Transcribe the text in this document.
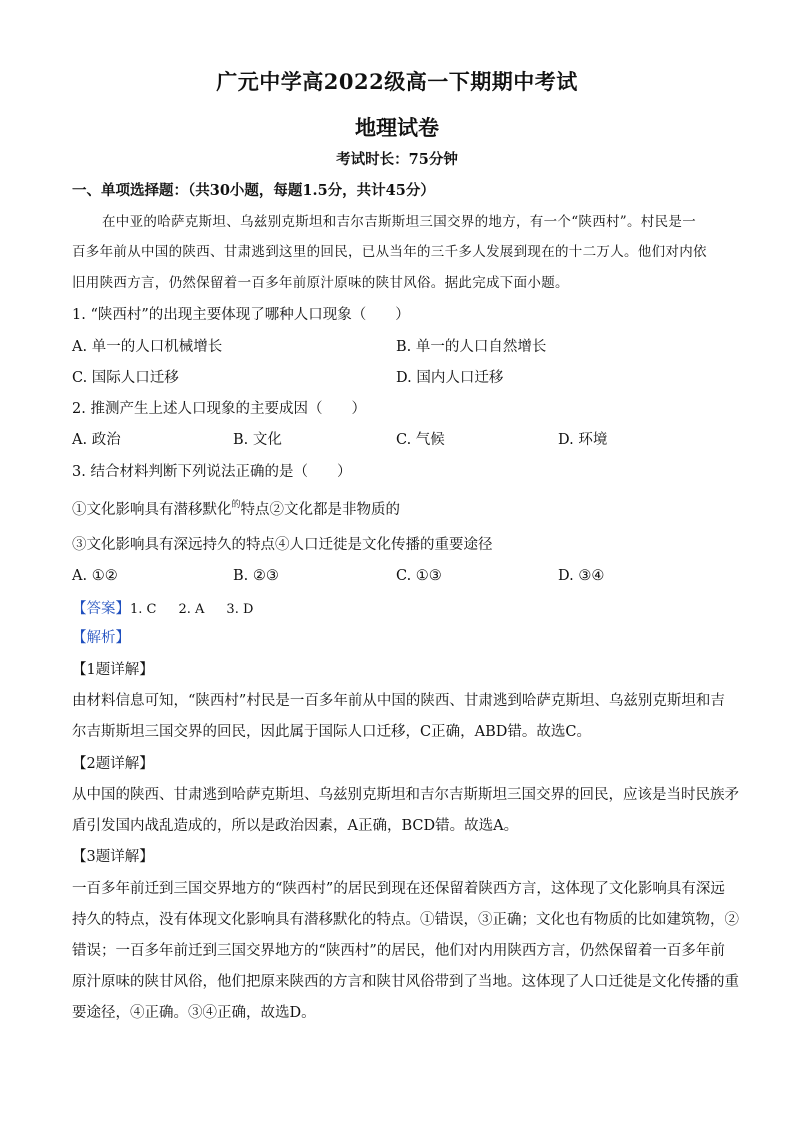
广元中学高2022级高一下期期中考试
地理试卷
考试时长：75分钟
一、单项选择题：（共30小题，每题1.5分，共计45分）
在中亚的哈萨克斯坦、乌兹别克斯坦和吉尔吉斯斯坦三国交界的地方，有一个“陕西村”。村民是一
百多年前从中国的陕西、甘肃逃到这里的回民，已从当年的三千多人发展到现在的十二万人。他们对内依
旧用陕西方言，仍然保留着一百多年前原汁原味的陕甘风俗。据此完成下面小题。
1. “陕西村”的出现主要体现了哪种人口现象（　　）
A. 单一的人口机械增长	B. 单一的人口自然增长
C. 国际人口迁移	D. 国内人口迁移
2. 推测产生上述人口现象的主要成因（　　）
A. 政治	B. 文化	C. 气候	D. 环境
3. 结合材料判断下列说法正确的是（　　）
①文化影响具有潜移默化$^的$特点②文化都是非物质的
③文化影响具有深远持久的特点④人口迁徙是文化传播的重要途径
A. ①②	B. ②③	C. ①③	D. ③④
【答案】1. C 2. A 3. D
【解析】
【1题详解】
由材料信息可知，“陕西村”村民是一百多年前从中国的陕西、甘肃逃到哈萨克斯坦、乌兹别克斯坦和吉
尔吉斯斯坦三国交界的回民，因此属于国际人口迁移，C正确，ABD错。故选C。
【2题详解】
从中国的陕西、甘肃逃到哈萨克斯坦、乌兹别克斯坦和吉尔吉斯斯坦三国交界的回民，应该是当时民族矛
盾引发国内战乱造成的，所以是政治因素，A正确，BCD错。故选A。
【3题详解】
一百多年前迁到三国交界地方的“陕西村”的居民到现在还保留着陕西方言，这体现了文化影响具有深远
持久的特点，没有体现文化影响具有潜移默化的特点。①错误，③正确；文化也有物质的比如建筑物，②
错误；一百多年前迁到三国交界地方的“陕西村”的居民，他们对内用陕西方言，仍然保留着一百多年前
原汁原味的陕甘风俗，他们把原来陕西的方言和陕甘风俗带到了当地。这体现了人口迁徙是文化传播的重
要途径，④正确。③④正确，故选D。
